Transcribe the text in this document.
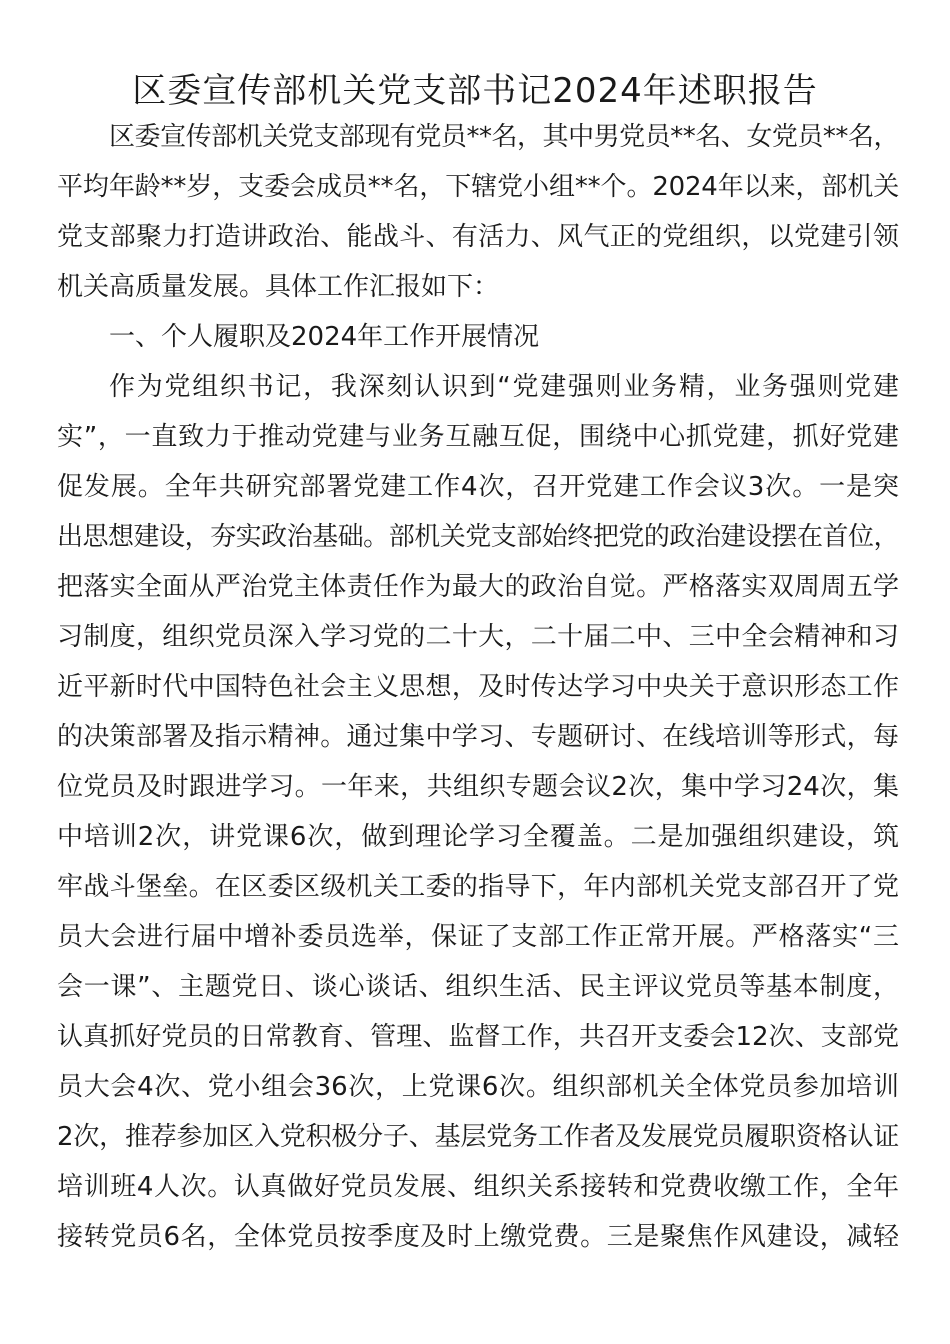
区委宣传部机关党支部书记2024年述职报告
区委宣传部机关党支部现有党员**名，其中男党员**名、女党员**名，
平均年龄**岁，支委会成员**名，下辖党小组**个。2024年以来，部机关
党支部聚力打造讲政治、能战斗、有活力、风气正的党组织，以党建引领
机关高质量发展。具体工作汇报如下：
一、个人履职及2024年工作开展情况
作为党组织书记，我深刻认识到“党建强则业务精，业务强则党建
实”，一直致力于推动党建与业务互融互促，围绕中心抓党建，抓好党建
促发展。全年共研究部署党建工作4次，召开党建工作会议3次。一是突
出思想建设，夯实政治基础。部机关党支部始终把党的政治建设摆在首位，
把落实全面从严治党主体责任作为最大的政治自觉。严格落实双周周五学
习制度，组织党员深入学习党的二十大，二十届二中、三中全会精神和习
近平新时代中国特色社会主义思想，及时传达学习中央关于意识形态工作
的决策部署及指示精神。通过集中学习、专题研讨、在线培训等形式，每
位党员及时跟进学习。一年来，共组织专题会议2次，集中学习24次，集
中培训2次，讲党课6次，做到理论学习全覆盖。二是加强组织建设，筑
牢战斗堡垒。在区委区级机关工委的指导下，年内部机关党支部召开了党
员大会进行届中增补委员选举，保证了支部工作正常开展。严格落实“三
会一课”、主题党日、谈心谈话、组织生活、民主评议党员等基本制度，
认真抓好党员的日常教育、管理、监督工作，共召开支委会12次、支部党
员大会4次、党小组会36次，上党课6次。组织部机关全体党员参加培训
2次，推荐参加区入党积极分子、基层党务工作者及发展党员履职资格认证
培训班4人次。认真做好党员发展、组织关系接转和党费收缴工作，全年
接转党员6名，全体党员按季度及时上缴党费。三是聚焦作风建设，减轻
